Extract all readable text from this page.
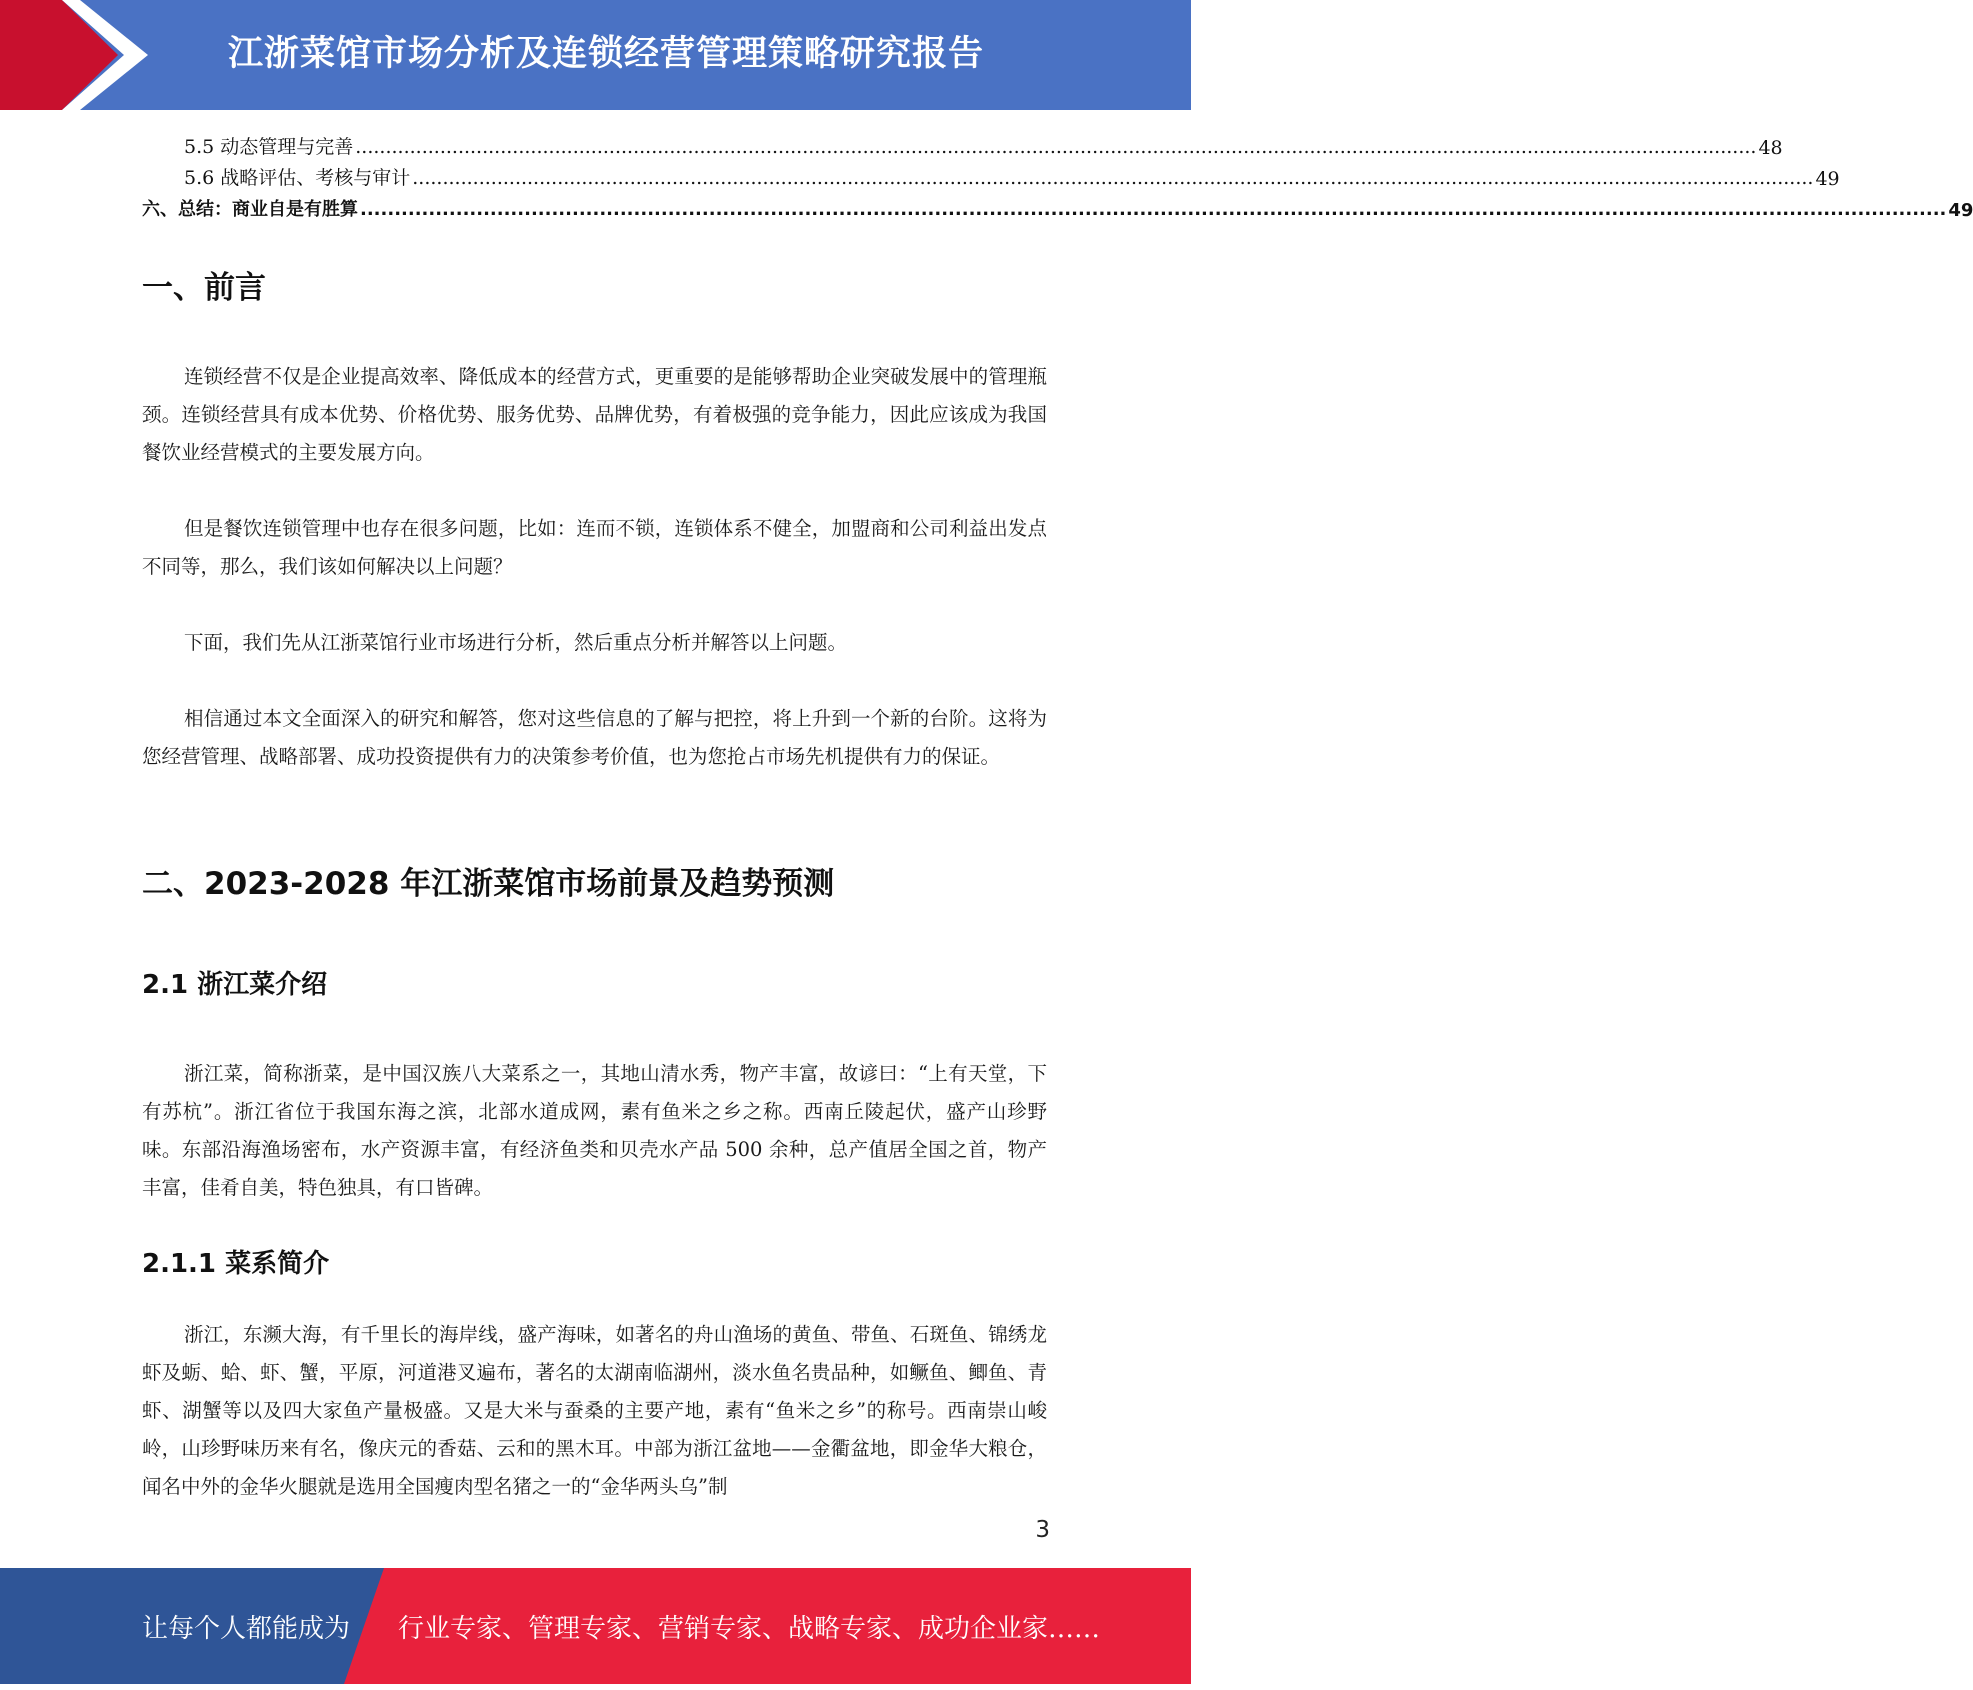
江浙菜馆市场分析及连锁经营管理策略研究报告
5.5 动态管理与完善 ........................................................................................................................................................................................................................................ 48
5.6 战略评估、考核与审计 ........................................................................................................................................................................................................................................ 49
六、总结：商业自是有胜算 ........................................................................................................................................................................................................................................ 49
一、前言
连锁经营不仅是企业提高效率、降低成本的经营方式，更重要的是能够帮助企业突破发展中的管理瓶颈。连锁经营具有成本优势、价格优势、服务优势、品牌优势，有着极强的竞争能力，因此应该成为我国餐饮业经营模式的主要发展方向。
但是餐饮连锁管理中也存在很多问题，比如：连而不锁，连锁体系不健全，加盟商和公司利益出发点不同等，那么，我们该如何解决以上问题？
下面，我们先从江浙菜馆行业市场进行分析，然后重点分析并解答以上问题。
相信通过本文全面深入的研究和解答，您对这些信息的了解与把控，将上升到一个新的台阶。这将为您经营管理、战略部署、成功投资提供有力的决策参考价值，也为您抢占市场先机提供有力的保证。
二、2023-2028 年江浙菜馆市场前景及趋势预测
2.1 浙江菜介绍
浙江菜，简称浙菜，是中国汉族八大菜系之一，其地山清水秀，物产丰富，故谚曰：“上有天堂，下有苏杭”。浙江省位于我国东海之滨，北部水道成网，素有鱼米之乡之称。西南丘陵起伏，盛产山珍野味。东部沿海渔场密布，水产资源丰富，有经济鱼类和贝壳水产品 500 余种，总产值居全国之首，物产丰富，佳肴自美，特色独具，有口皆碑。
2.1.1 菜系简介
浙江，东濒大海，有千里长的海岸线，盛产海味，如著名的舟山渔场的黄鱼、带鱼、石斑鱼、锦绣龙虾及蛎、蛤、虾、蟹，平原，河道港叉遍布，著名的太湖南临湖州，淡水鱼名贵品种，如鳜鱼、鲫鱼、青虾、湖蟹等以及四大家鱼产量极盛。又是大米与蚕桑的主要产地，素有“鱼米之乡”的称号。西南崇山峻岭，山珍野味历来有名，像庆元的香菇、云和的黑木耳。中部为浙江盆地——金衢盆地，即金华大粮仓，闻名中外的金华火腿就是选用全国瘦肉型名猪之一的“金华两头乌”制
3
让每个人都能成为 行业专家、管理专家、营销专家、战略专家、成功企业家……
